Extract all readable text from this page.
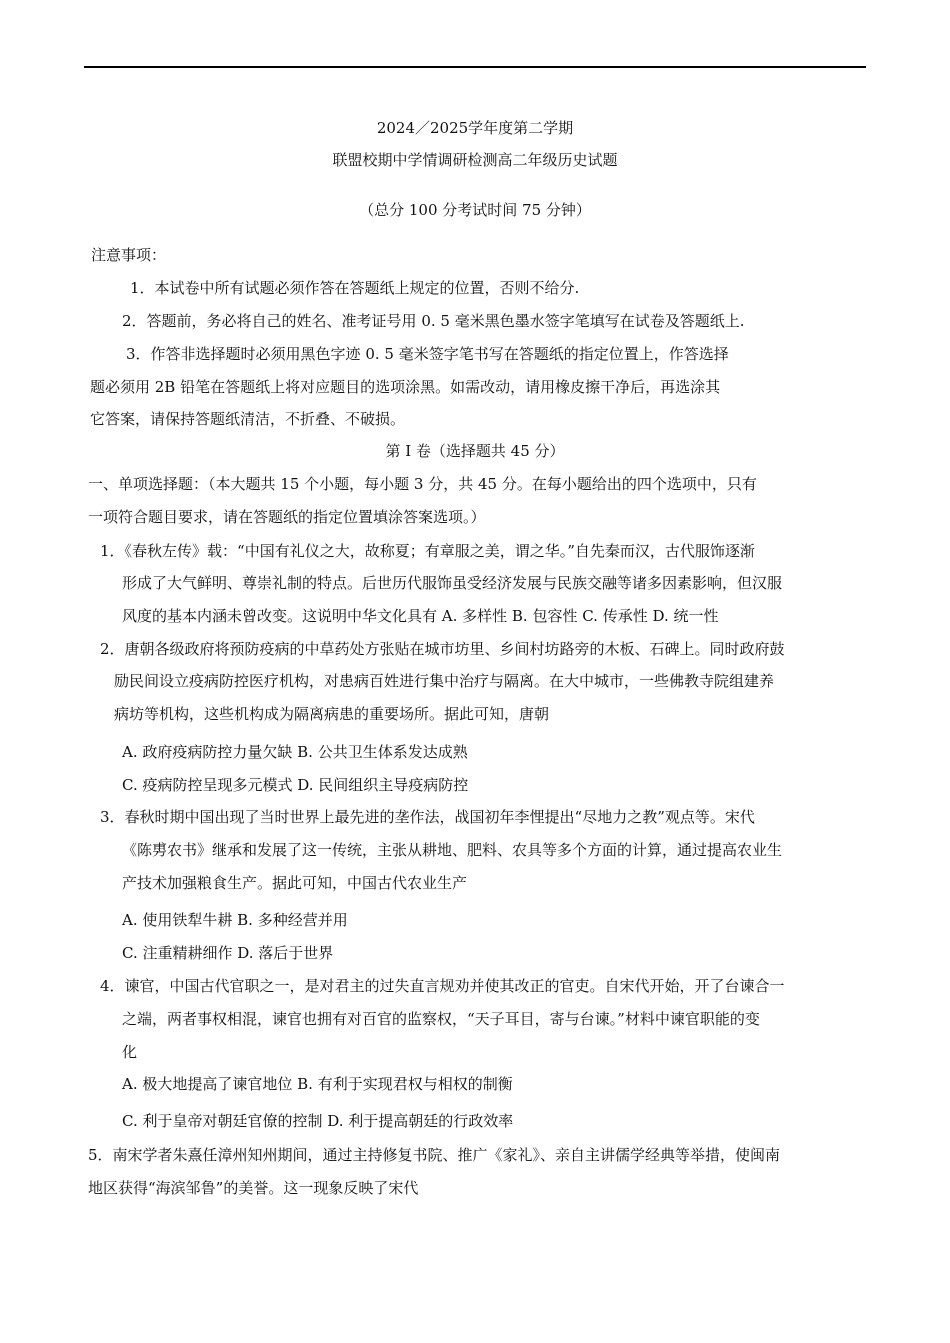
2024／2025学年度第二学期
联盟校期中学情调研检测高二年级历史试题
（总分 100 分考试时间 75 分钟）
注意事项：
1．本试卷中所有试题必须作答在答题纸上规定的位置，否则不给分.
2．答题前，务必将自己的姓名、准考证号用 0. 5 毫米黑色墨水签字笔填写在试卷及答题纸上.
3．作答非选择题时必须用黑色字迹 0. 5 毫米签字笔书写在答题纸的指定位置上，作答选择
题必须用 2B 铅笔在答题纸上将对应题目的选项涂黑。如需改动，请用橡皮擦干净后，再选涂其
它答案，请保持答题纸清洁，不折叠、不破损。
第 I 卷（选择题共 45 分）
一、单项选择题：（本大题共 15 个小题，每小题 3 分，共 45 分。在每小题给出的四个选项中，只有
一项符合题目要求，请在答题纸的指定位置填涂答案选项。）
1．《春秋左传》载：“中国有礼仪之大，故称夏；有章服之美，谓之华。”自先秦而汉，古代服饰逐渐
形成了大气鲜明、尊崇礼制的特点。后世历代服饰虽受经济发展与民族交融等诸多因素影响，但汉服
风度的基本内涵未曾改变。这说明中华文化具有 A. 多样性 B. 包容性 C. 传承性 D. 统一性
2．唐朝各级政府将预防疫病的中草药处方张贴在城市坊里、乡间村坊路旁的木板、石碑上。同时政府鼓
励民间设立疫病防控医疗机构，对患病百姓进行集中治疗与隔离。在大中城市，一些佛教寺院组建养
病坊等机构，这些机构成为隔离病患的重要场所。据此可知，唐朝
A. 政府疫病防控力量欠缺 B. 公共卫生体系发达成熟
C. 疫病防控呈现多元模式 D. 民间组织主导疫病防控
3．春秋时期中国出现了当时世界上最先进的垄作法，战国初年李悝提出“尽地力之教”观点等。宋代
《陈旉农书》继承和发展了这一传统，主张从耕地、肥料、农具等多个方面的计算，通过提高农业生
产技术加强粮食生产。据此可知，中国古代农业生产
A. 使用铁犁牛耕 B. 多种经营并用
C. 注重精耕细作 D. 落后于世界
4．谏官，中国古代官职之一，是对君主的过失直言规劝并使其改正的官吏。自宋代开始，开了台谏合一
之端，两者事权相混，谏官也拥有对百官的监察权，“天子耳目，寄与台谏。”材料中谏官职能的变
化
A. 极大地提高了谏官地位 B. 有利于实现君权与相权的制衡
C. 利于皇帝对朝廷官僚的控制 D. 利于提高朝廷的行政效率
5．南宋学者朱熹任漳州知州期间，通过主持修复书院、推广《家礼》、亲自主讲儒学经典等举措，使闽南
地区获得“海滨邹鲁”的美誉。这一现象反映了宋代
